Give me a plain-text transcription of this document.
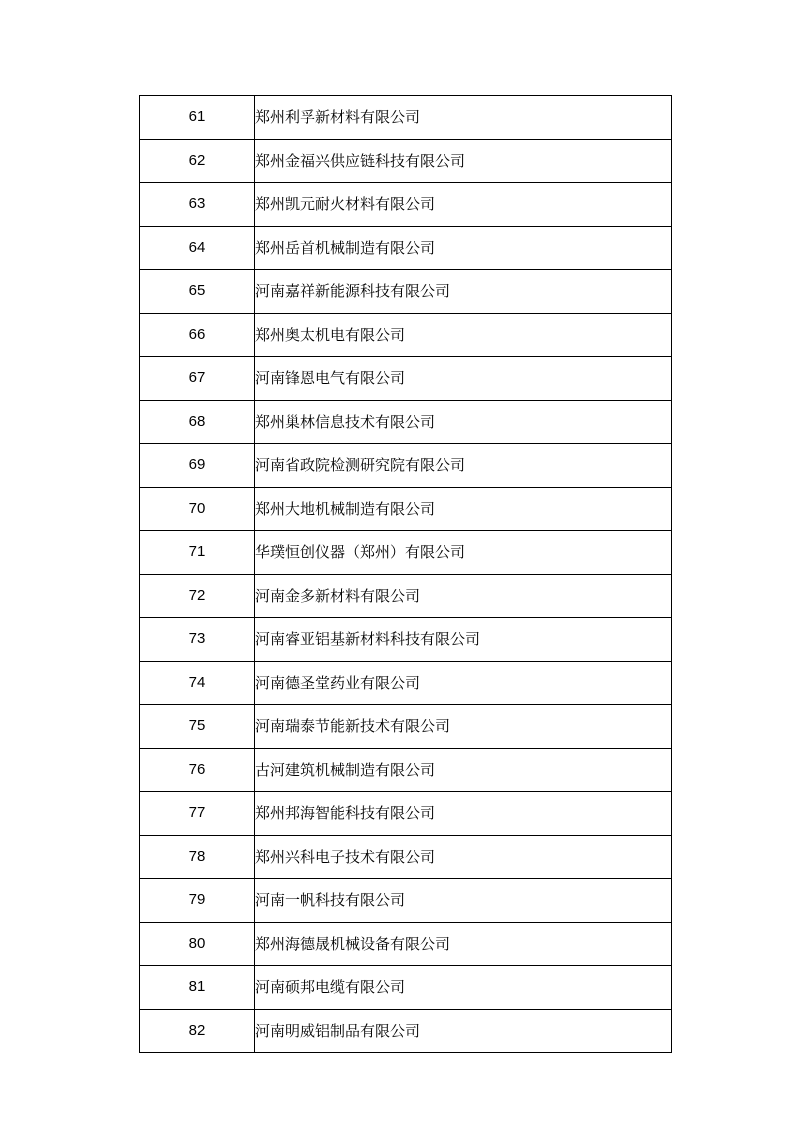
61	郑州利孚新材料有限公司
62	郑州金福兴供应链科技有限公司
63	郑州凯元耐火材料有限公司
64	郑州岳首机械制造有限公司
65	河南嘉祥新能源科技有限公司
66	郑州奥太机电有限公司
67	河南锋恩电气有限公司
68	郑州巢林信息技术有限公司
69	河南省政院检测研究院有限公司
70	郑州大地机械制造有限公司
71	华璞恒创仪器（郑州）有限公司
72	河南金多新材料有限公司
73	河南睿亚铝基新材料科技有限公司
74	河南德圣堂药业有限公司
75	河南瑞泰节能新技术有限公司
76	古河建筑机械制造有限公司
77	郑州邦海智能科技有限公司
78	郑州兴科电子技术有限公司
79	河南一帆科技有限公司
80	郑州海德晟机械设备有限公司
81	河南硕邦电缆有限公司
82	河南明威铝制品有限公司
